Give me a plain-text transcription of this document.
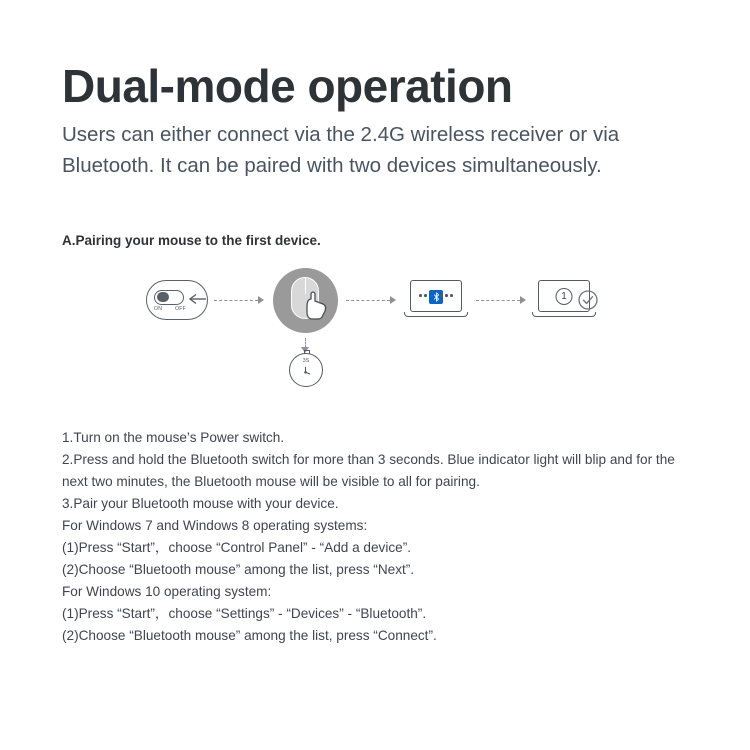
Dual-mode operation

Users can either connect via the 2.4G wireless receiver or via Bluetooth. It can be paired with two devices simultaneously.

A.Pairing your mouse to the first device.
ON OFF
3S
1

1.Turn on the mouse’s Power switch.

2.Press and hold the Bluetooth switch for more than 3 seconds. Blue indicator light will blip and for the next two minutes, the Bluetooth mouse will be visible to all for pairing.

3.Pair your Bluetooth mouse with your device.

For Windows 7 and Windows 8 operating systems:

(1)Press “Start”，choose “Control Panel” - “Add a device”.

(2)Choose “Bluetooth mouse” among the list, press “Next”.

For Windows 10 operating system:

(1)Press “Start”，choose “Settings” - “Devices” - “Bluetooth”.

(2)Choose “Bluetooth mouse” among the list, press “Connect”.
